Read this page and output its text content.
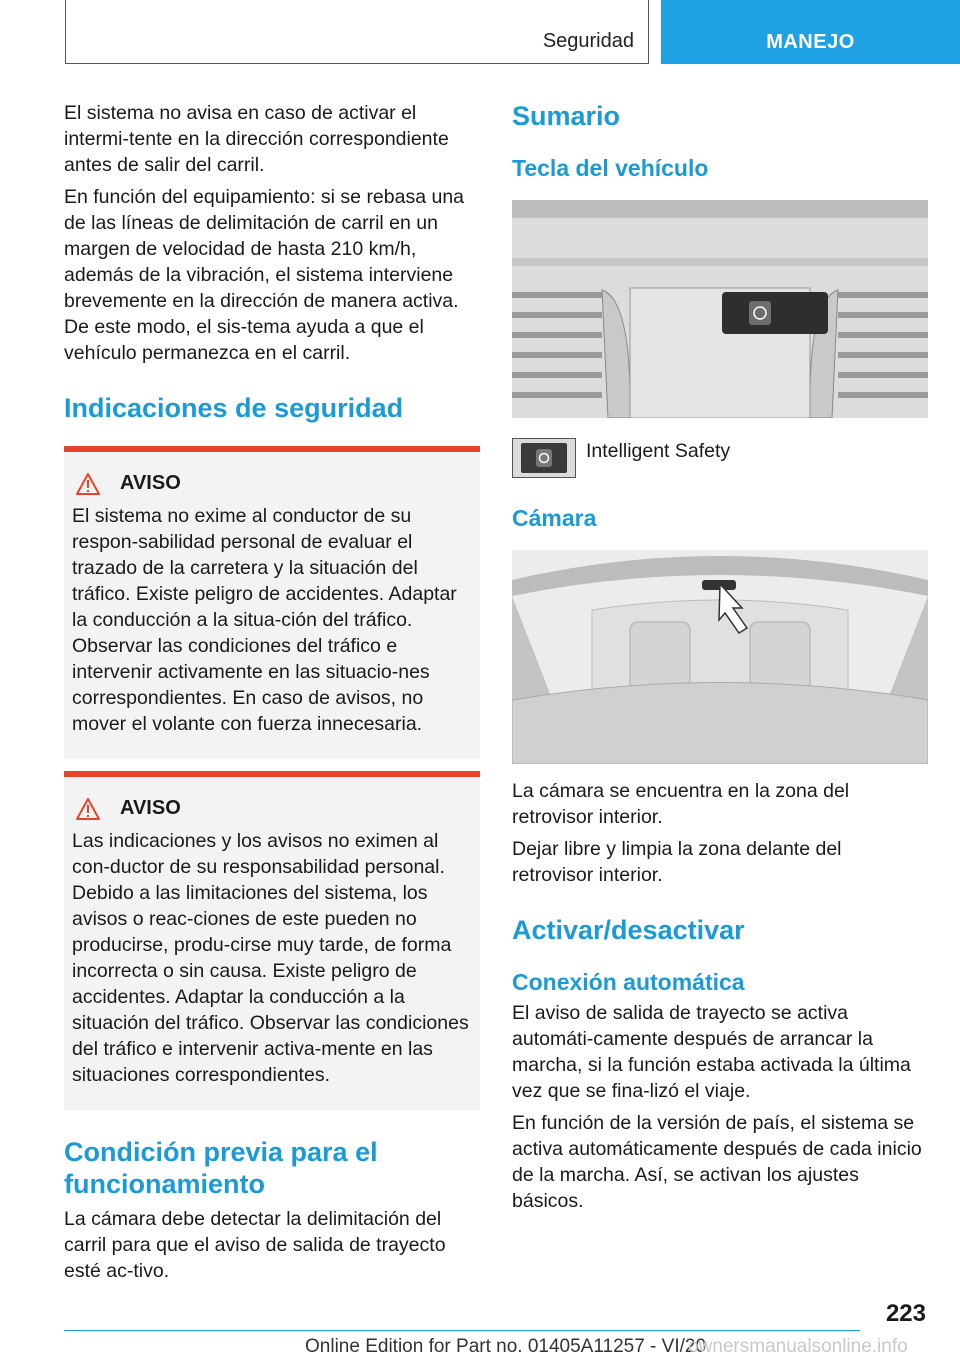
Seguridad	MANEJO

El sistema no avisa en caso de activar el intermi-tente en la dirección correspondiente antes de salir del carril.

En función del equipamiento: si se rebasa una de las líneas de delimitación de carril en un margen de velocidad de hasta 210 km/h, además de la vibración, el sistema interviene brevemente en la dirección de manera activa. De este modo, el sis-tema ayuda a que el vehículo permanezca en el carril.

Indicaciones de seguridad
AVISO

El sistema no exime al conductor de su respon-sabilidad personal de evaluar el trazado de la carretera y la situación del tráfico. Existe peligro de accidentes. Adaptar la conducción a la situa-ción del tráfico. Observar las condiciones del tráfico e intervenir activamente en las situacio-nes correspondientes. En caso de avisos, no mover el volante con fuerza innecesaria.

AVISO

Las indicaciones y los avisos no eximen al con-ductor de su responsabilidad personal. Debido a las limitaciones del sistema, los avisos o reac-ciones de este pueden no producirse, produ-cirse muy tarde, de forma incorrecta o sin causa. Existe peligro de accidentes. Adaptar la conducción a la situación del tráfico. Observar las condiciones del tráfico e intervenir activa-mente en las situaciones correspondientes.

Condición previa para el funcionamiento

La cámara debe detectar la delimitación del carril para que el aviso de salida de trayecto esté ac-tivo.

Sumario
Tecla del vehículo
Intelligent Safety
Cámara

La cámara se encuentra en la zona del retrovisor interior.

Dejar libre y limpia la zona delante del retrovisor interior.

Activar/desactivar
Conexión automática

El aviso de salida de trayecto se activa automáti-camente después de arrancar la marcha, si la función estaba activada la última vez que se fina-lizó el viaje.

En función de la versión de país, el sistema se activa automáticamente después de cada inicio de la marcha. Así, se activan los ajustes básicos.

223
Online Edition for Part no. 01405A11257 - VI/20
ownersmanualsonline.info
